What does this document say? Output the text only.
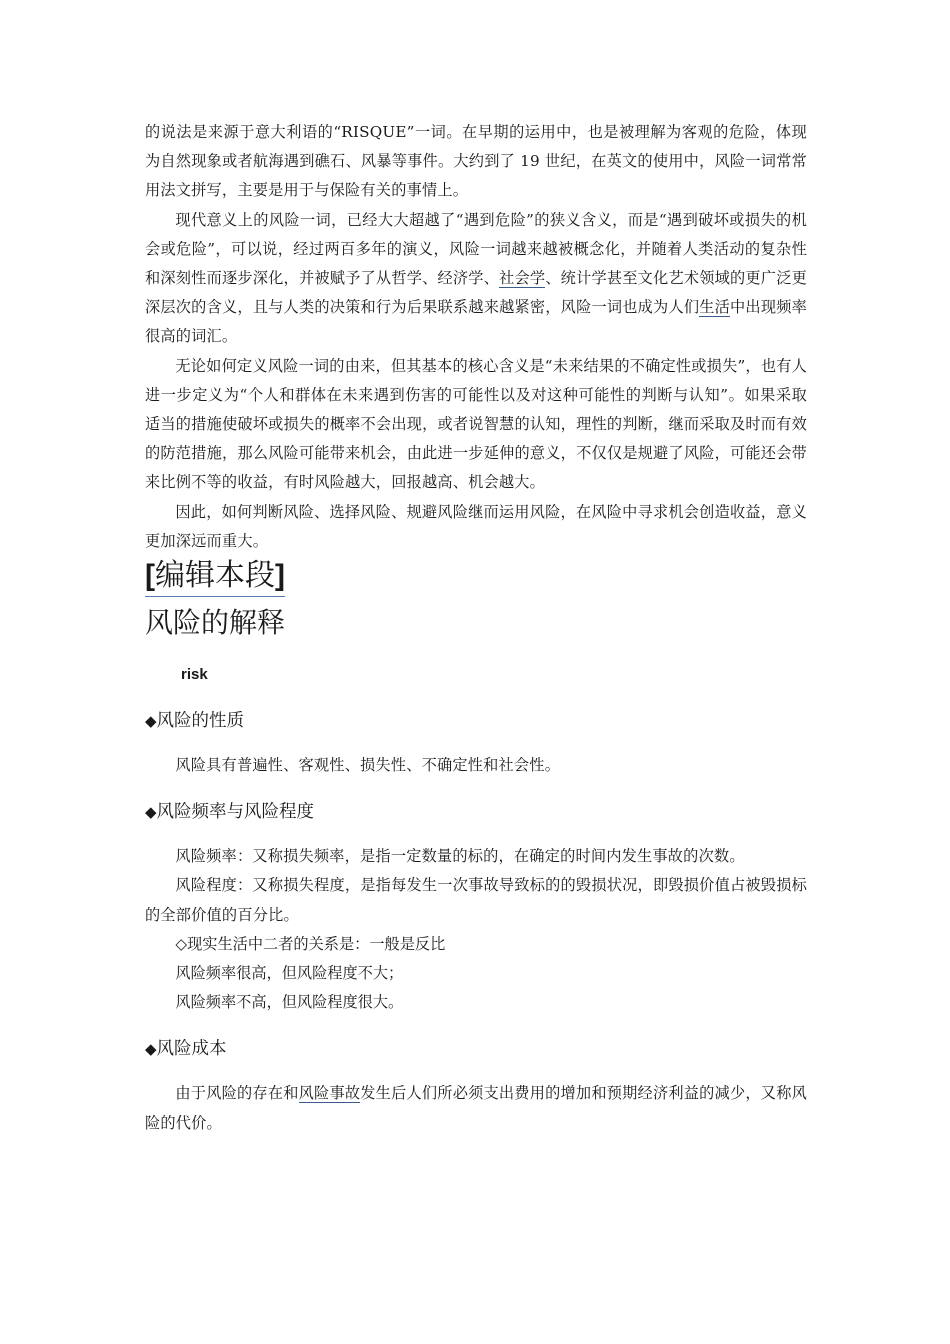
的说法是来源于意大利语的“RISQUE”一词。在早期的运用中，也是被理解为客观的危险，体现为自然现象或者航海遇到礁石、风暴等事件。大约到了 19 世纪，在英文的使用中，风险一词常常用法文拼写，主要是用于与保险有关的事情上。

现代意义上的风险一词，已经大大超越了“遇到危险”的狭义含义，而是“遇到破坏或损失的机会或危险”，可以说，经过两百多年的演义，风险一词越来越被概念化，并随着人类活动的复杂性和深刻性而逐步深化，并被赋予了从哲学、经济学、社会学、统计学甚至文化艺术领域的更广泛更深层次的含义，且与人类的决策和行为后果联系越来越紧密，风险一词也成为人们生活中出现频率很高的词汇。

无论如何定义风险一词的由来，但其基本的核心含义是“未来结果的不确定性或损失”，也有人进一步定义为“个人和群体在未来遇到伤害的可能性以及对这种可能性的判断与认知”。如果采取适当的措施使破坏或损失的概率不会出现，或者说智慧的认知，理性的判断，继而采取及时而有效的防范措施，那么风险可能带来机会，由此进一步延伸的意义，不仅仅是规避了风险，可能还会带来比例不等的收益，有时风险越大，回报越高、机会越大。

因此，如何判断风险、选择风险、规避风险继而运用风险，在风险中寻求机会创造收益，意义更加深远而重大。

[编辑本段]
风险的解释
risk
◆风险的性质

风险具有普遍性、客观性、损失性、不确定性和社会性。

◆风险频率与风险程度

风险频率：又称损失频率，是指一定数量的标的，在确定的时间内发生事故的次数。

风险程度：又称损失程度，是指每发生一次事故导致标的的毁损状况，即毁损价值占被毁损标的全部价值的百分比。

◇现实生活中二者的关系是：一般是反比
风险频率很高，但风险程度不大；
风险频率不高，但风险程度很大。
◆风险成本

由于风险的存在和风险事故发生后人们所必须支出费用的增加和预期经济利益的减少，又称风险的代价。
